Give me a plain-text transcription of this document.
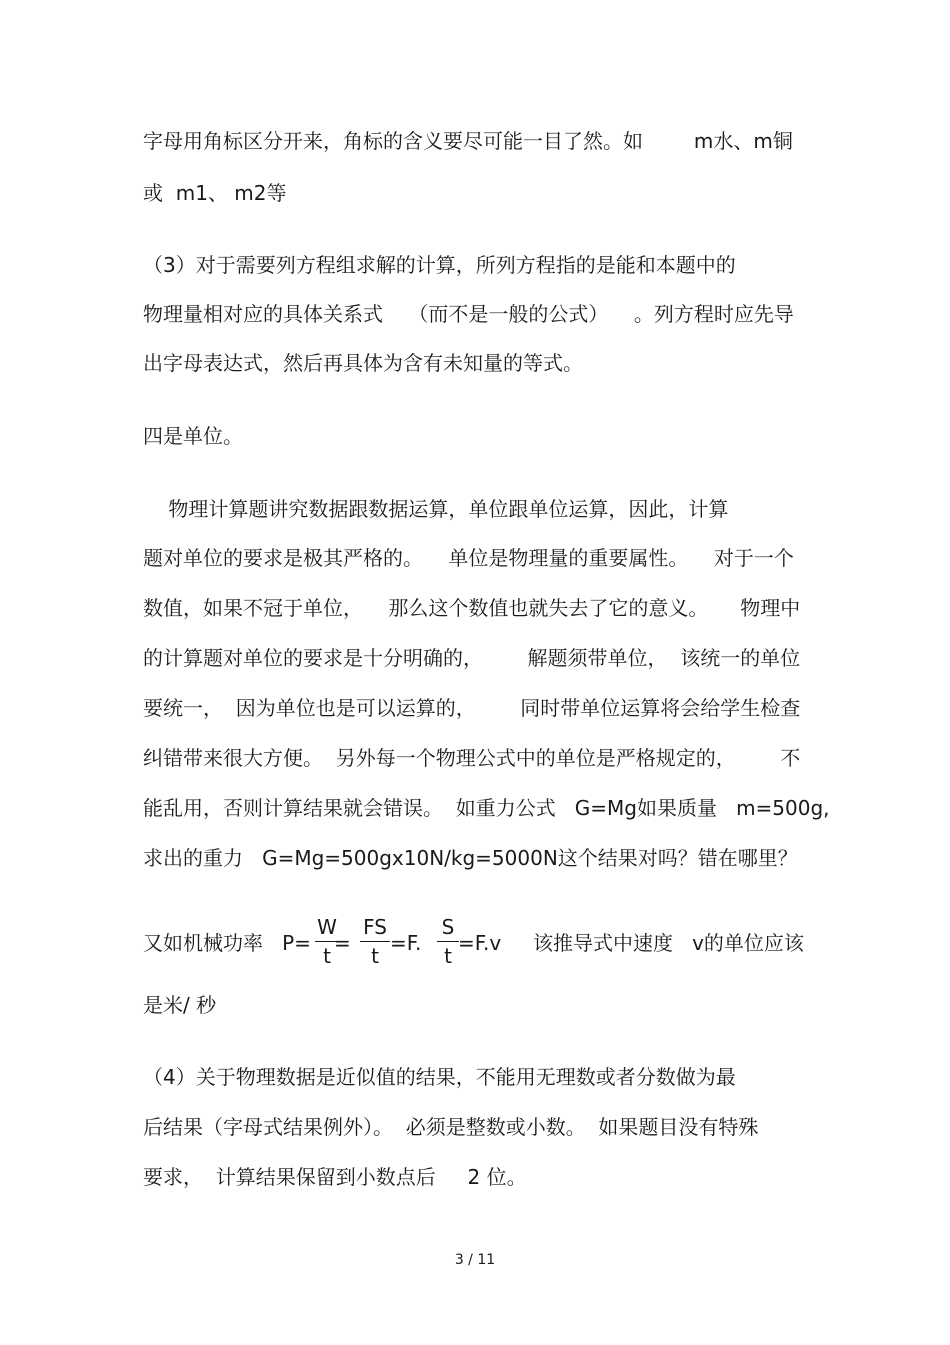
字母用角标区分开来，角标的含义要尽可能一目了然。如        m水、m铜
或  m1、 m2等
（3）对于需要列方程组求解的计算，所列方程指的是能和本题中的
物理量相对应的具体关系式    （而不是一般的公式）    。列方程时应先导
出字母表达式，然后再具体为含有未知量的等式。
四是单位。
物理计算题讲究数据跟数据运算，单位跟单位运算，因此，计算
题对单位的要求是极其严格的。    单位是物理量的重要属性。    对于一个
数值，如果不冠于单位，    那么这个数值也就失去了它的意义。     物理中
的计算题对单位的要求是十分明确的，       解题须带单位，  该统一的单位
要统一，  因为单位也是可以运算的，       同时带单位运算将会给学生检查
纠错带来很大方便。  另外每一个物理公式中的单位是严格规定的，       不
能乱用，否则计算结果就会错误。  如重力公式   G=Mg如果质量   m=500g,
求出的重力   G=Mg=500gx10N/kg=5000N这个结果对吗？错在哪里？
又如机械功率   P=
W
t
=
FS
t
=F.
S
t
=F.v     该推导式中速度   v的单位应该
是米/ 秒
（4）关于物理数据是近似值的结果，不能用无理数或者分数做为最
后结果（字母式结果例外）。  必须是整数或小数。  如果题目没有特殊
要求，  计算结果保留到小数点后     2 位。
3 / 11
